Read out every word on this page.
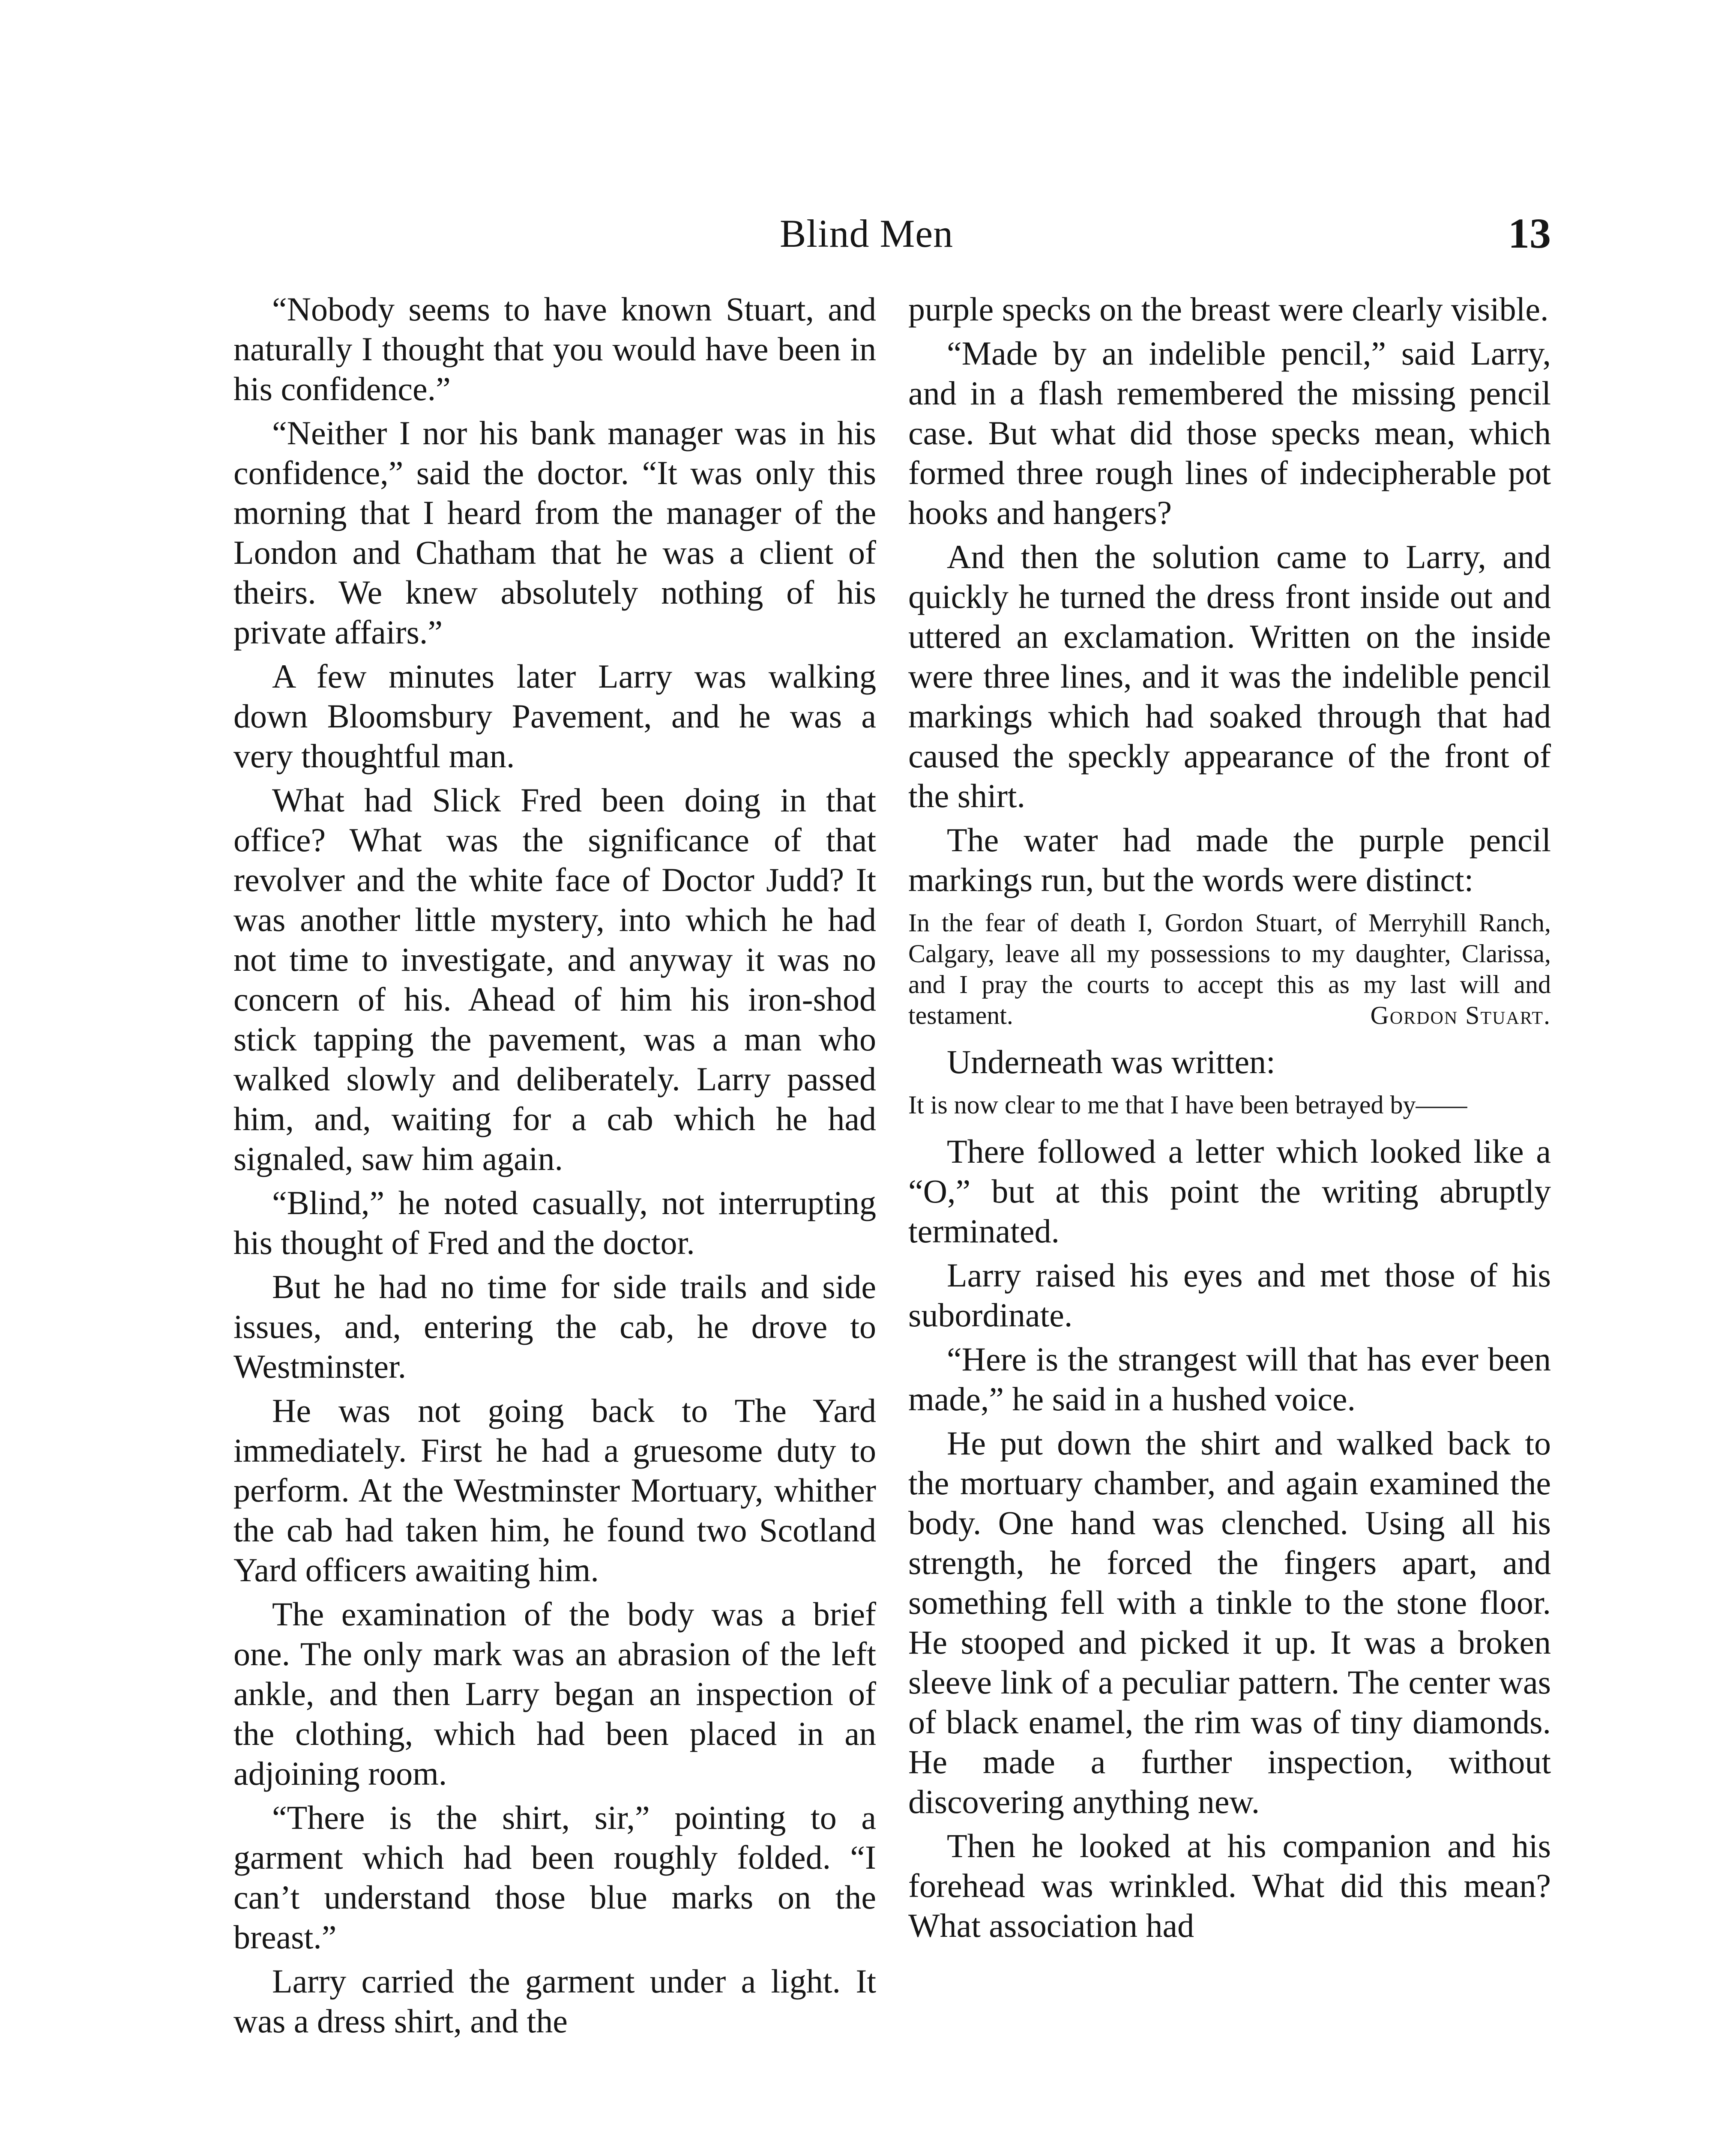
Blind Men	13

“Nobody seems to have known Stuart, and naturally I thought that you would have been in his confidence.”

“Neither I nor his bank manager was in his confidence,” said the doctor. “It was only this morning that I heard from the manager of the London and Chatham that he was a client of theirs. We knew absolutely nothing of his private affairs.”

A few minutes later Larry was walking down Bloomsbury Pavement, and he was a very thoughtful man.

What had Slick Fred been doing in that office? What was the significance of that revolver and the white face of Doctor Judd? It was another little mystery, into which he had not time to investigate, and anyway it was no concern of his. Ahead of him his iron-shod stick tapping the pavement, was a man who walked slowly and deliberately. Larry passed him, and, waiting for a cab which he had signaled, saw him again.

“Blind,” he noted casually, not interrupting his thought of Fred and the doctor.

But he had no time for side trails and side issues, and, entering the cab, he drove to Westminster.

He was not going back to The Yard immediately. First he had a gruesome duty to perform. At the Westminster Mortuary, whither the cab had taken him, he found two Scotland Yard officers awaiting him.

The examination of the body was a brief one. The only mark was an abrasion of the left ankle, and then Larry began an inspection of the clothing, which had been placed in an adjoining room.

“There is the shirt, sir,” pointing to a garment which had been roughly folded. “I can’t understand those blue marks on the breast.”

Larry carried the garment under a light. It was a dress shirt, and the

purple specks on the breast were clearly visible.

“Made by an indelible pencil,” said Larry, and in a flash remembered the missing pencil case. But what did those specks mean, which formed three rough lines of indecipherable pot hooks and hangers?

And then the solution came to Larry, and quickly he turned the dress front inside out and uttered an exclamation. Written on the inside were three lines, and it was the indelible pencil markings which had soaked through that had caused the speckly appearance of the front of the shirt.

The water had made the purple pencil markings run, but the words were distinct:

In the fear of death I, Gordon Stuart, of Merryhill Ranch, Calgary, leave all my possessions to my daughter, Clarissa, and I pray the courts to accept this as my last will and testament.	Gordon Stuart.

Underneath was written:

It is now clear to me that I have been betrayed by——

There followed a letter which looked like a “O,” but at this point the writing abruptly terminated.

Larry raised his eyes and met those of his subordinate.

“Here is the strangest will that has ever been made,” he said in a hushed voice.

He put down the shirt and walked back to the mortuary chamber, and again examined the body. One hand was clenched. Using all his strength, he forced the fingers apart, and something fell with a tinkle to the stone floor. He stooped and picked it up. It was a broken sleeve link of a peculiar pattern. The center was of black enamel, the rim was of tiny diamonds. He made a further inspection, without discovering anything new.

Then he looked at his companion and his forehead was wrinkled. What did this mean? What association had
